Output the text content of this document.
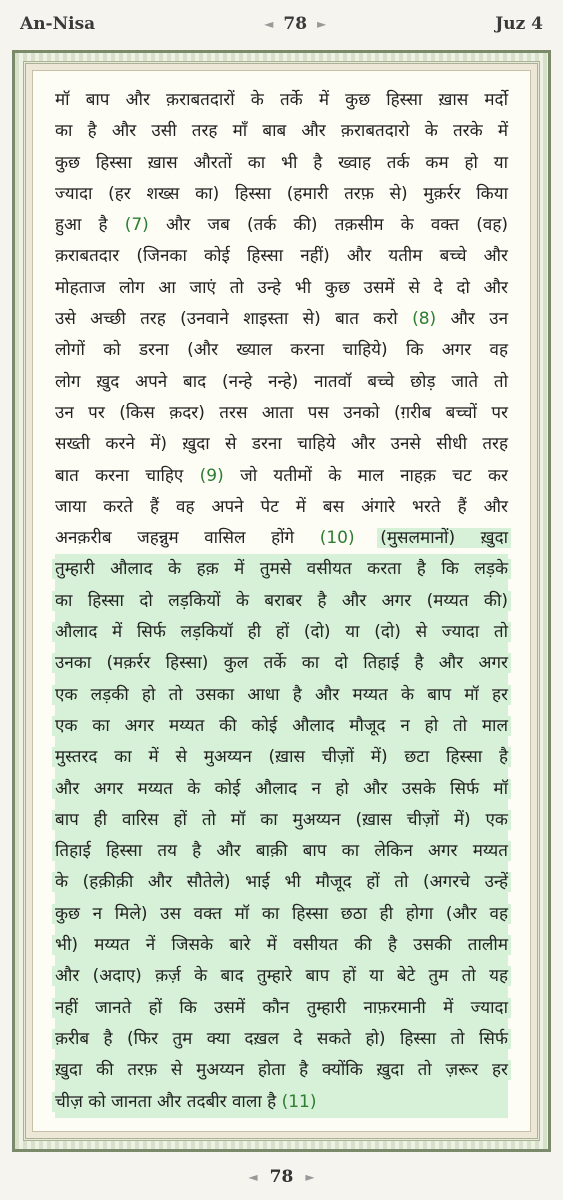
An-Nisa	◄ 78 ►	Juz 4
मॉ बाप और क़राबतदारों के तर्के में कुछ हिस्सा ख़ास मर्दो
का है और उसी तरह माँ बाब और क़राबतदारो के तरके में
कुछ हिस्सा ख़ास औरतों का भी है ख्वाह तर्क कम हो या
ज्यादा (हर शख्स का) हिस्सा (हमारी तरफ़ से) मुक़र्रर किया
हुआ है (7) और जब (तर्क की) तक़सीम के वक्त (वह)
क़राबतदार (जिनका कोई हिस्सा नहीं) और यतीम बच्चे और
मोहताज लोग आ जाएं तो उन्हे भी कुछ उसमें से दे दो और
उसे अच्छी तरह (उनवाने शाइस्ता से) बात करो (8) और उन
लोगों को डरना (और ख्याल करना चाहिये) कि अगर वह
लोग ख़ुद अपने बाद (नन्हे नन्हे) नातवॉ बच्चे छोड़ जाते तो
उन पर (किस क़दर) तरस आता पस उनको (ग़रीब बच्चों पर
सख्ती करने में) ख़ुदा से डरना चाहिये और उनसे सीधी तरह
बात करना चाहिए (9) जो यतीमों के माल नाहक़ चट कर
जाया करते हैं वह अपने पेट में बस अंगारे भरते हैं और
अनक़रीब जहन्नुम वासिल होंगे (10) (मुसलमानों) ख़ुदा
तुम्हारी औलाद के हक़ में तुमसे वसीयत करता है कि लड़के
का हिस्सा दो लड़कियों के बराबर है और अगर (मय्यत की)
औलाद में सिर्फ लड़कियॉ ही हों (दो) या (दो) से ज्यादा तो
उनका (मक़र्रर हिस्सा) कुल तर्के का दो तिहाई है और अगर
एक लड़की हो तो उसका आधा है और मय्यत के बाप मॉ हर
एक का अगर मय्यत की कोई औलाद मौजूद न हो तो माल
मुस्तरद का में से मुअय्यन (ख़ास चीज़ों में) छटा हिस्सा है
और अगर मय्यत के कोई औलाद न हो और उसके सिर्फ मॉ
बाप ही वारिस हों तो मॉ का मुअय्यन (ख़ास चीज़ों में) एक
तिहाई हिस्सा तय है और बाक़ी बाप का लेकिन अगर मय्यत
के (हक़ीक़ी और सौतेले) भाई भी मौजूद हों तो (अगरचे उन्हें
कुछ न मिले) उस वक्त मॉ का हिस्सा छठा ही होगा (और वह
भी) मय्यत नें जिसके बारे में वसीयत की है उसकी तालीम
और (अदाए) क़र्ज़ के बाद तुम्हारे बाप हों या बेटे तुम तो यह
नहीं जानते हों कि उसमें कौन तुम्हारी नाफ़रमानी में ज्यादा
क़रीब है (फिर तुम क्या दख़ल दे सकते हो) हिस्सा तो सिर्फ
ख़ुदा की तरफ़ से मुअय्यन होता है क्योंकि ख़ुदा तो ज़रूर हर
चीज़ को जानता और तदबीर वाला है (11)
◄ 78 ►
